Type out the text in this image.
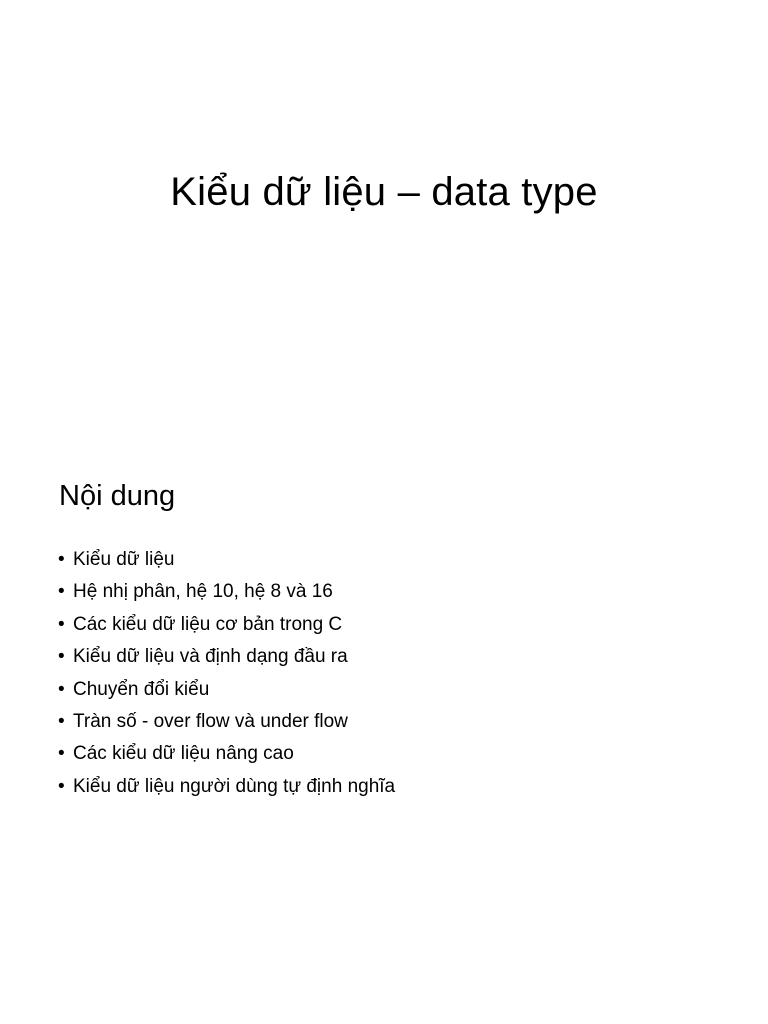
Kiểu dữ liệu – data type
Nội dung
• Kiểu dữ liệu
• Hệ nhị phân, hệ 10, hệ 8 và 16
• Các kiểu dữ liệu cơ bản trong C
• Kiểu dữ liệu và định dạng đầu ra
• Chuyển đổi kiểu
• Tràn số - over flow và under flow
• Các kiểu dữ liệu nâng cao
• Kiểu dữ liệu người dùng tự định nghĩa
